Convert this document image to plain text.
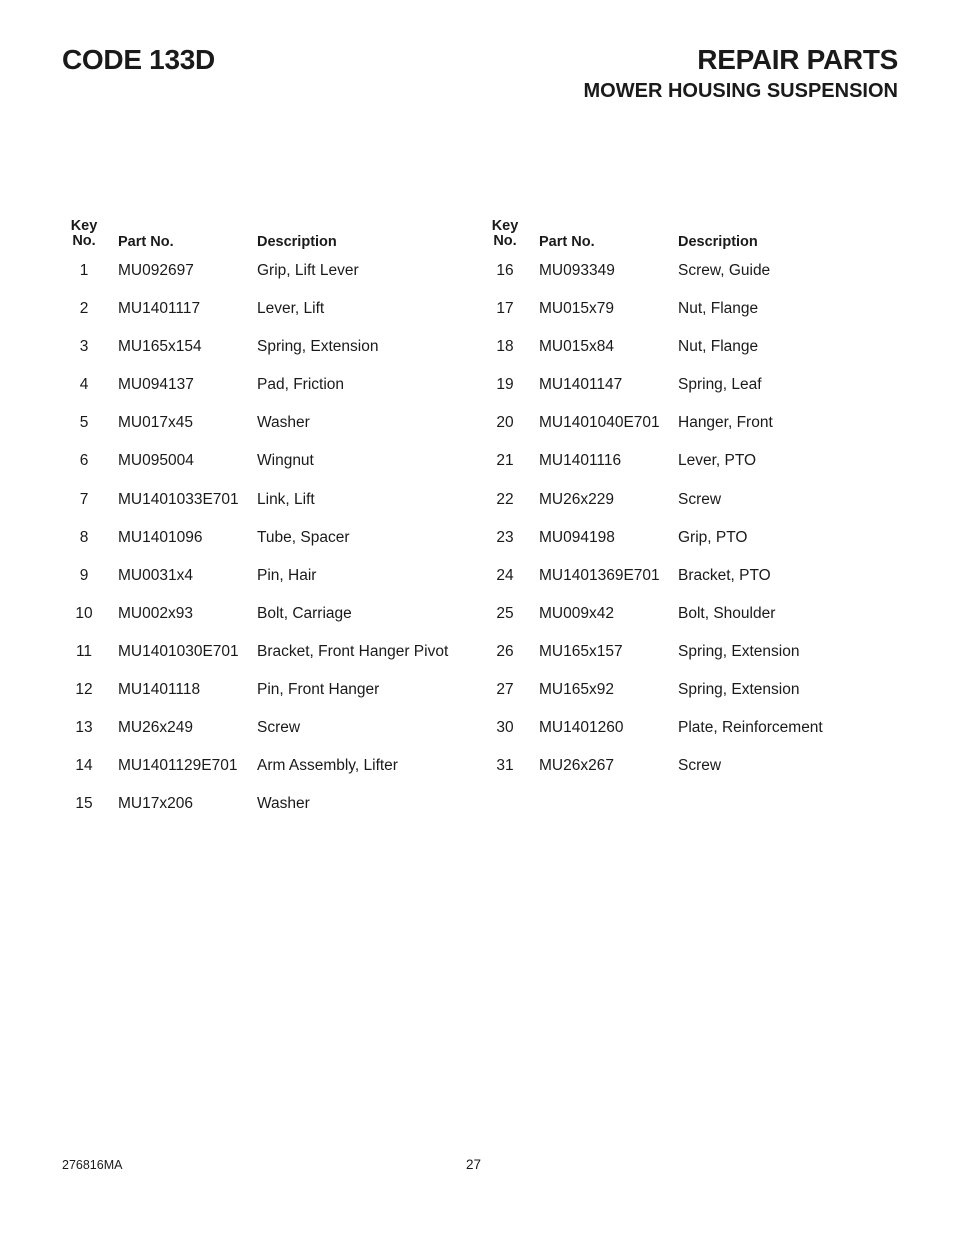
CODE 133D	REPAIR PARTS
MOWER HOUSING SUSPENSION
Key
No.	Part No.	Description
1	MU092697	Grip, Lift Lever
2	MU1401117	Lever, Lift
3	MU165x154	Spring, Extension
4	MU094137	Pad, Friction
5	MU017x45	Washer
6	MU095004	Wingnut
7	MU1401033E701 Link, Lift
8	MU1401096	Tube, Spacer
9	MU0031x4	Pin, Hair
10	MU002x93	Bolt, Carriage
11	MU1401030E701 Bracket, Front Hanger Pivot
12	MU1401118	Pin, Front Hanger
13	MU26x249	Screw
14	MU1401129E701 Arm Assembly, Lifter
15	MU17x206	Washer
Key
No.	Part No.	Description
16	MU093349	Screw, Guide
17	MU015x79	Nut, Flange
18	MU015x84	Nut, Flange
19	MU1401147	Spring, Leaf
20	MU1401040E701 Hanger, Front
21	MU1401116	Lever, PTO
22	MU26x229	Screw
23	MU094198	Grip, PTO
24	MU1401369E701 Bracket, PTO
25	MU009x42	Bolt, Shoulder
26	MU165x157	Spring, Extension
27	MU165x92	Spring, Extension
30	MU1401260	Plate, Reinforcement
31	MU26x267	Screw
276816MA	27
